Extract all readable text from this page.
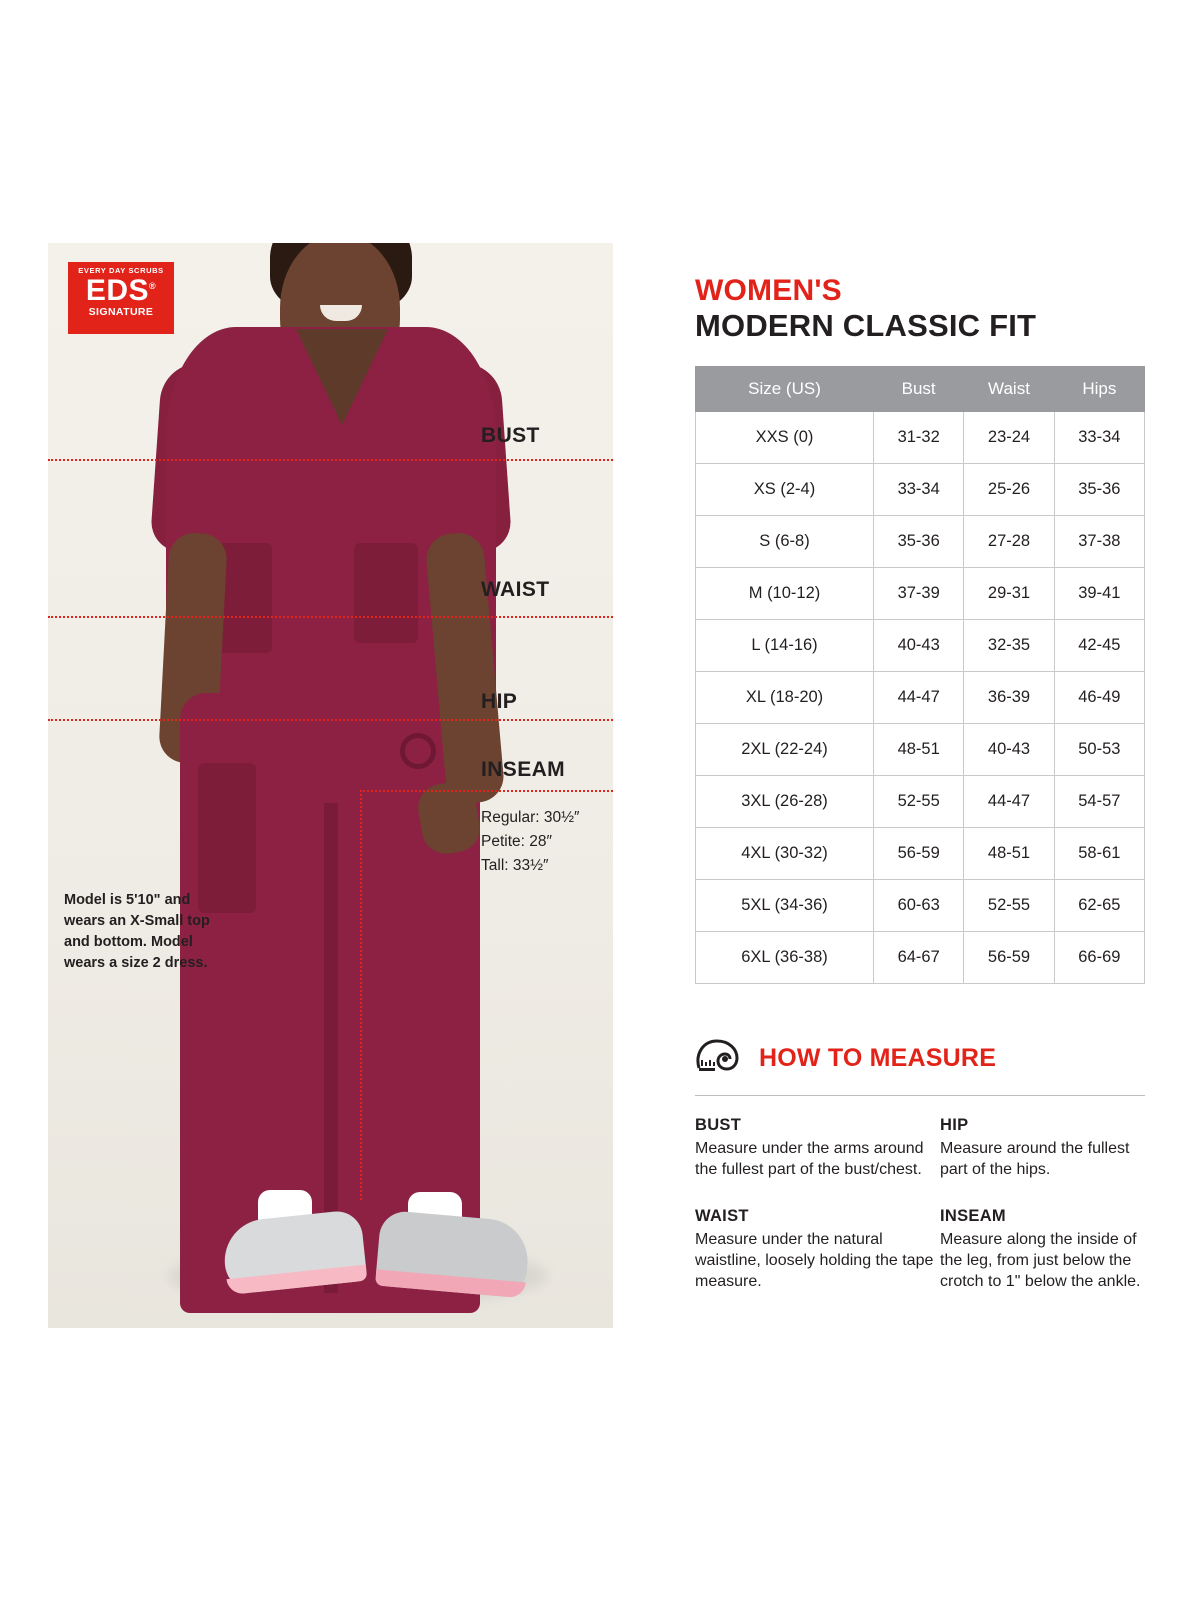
EVERY DAY SCRUBS
EDS®
SIGNATURE
BUST
WAIST
HIP
INSEAM
Regular: 30½″
Petite: 28″
Tall: 33½″
Model is 5'10" and wears an X-Small top and bottom. Model wears a size 2 dress.
WOMEN'S
MODERN CLASSIC FIT
Size (US)	Bust	Waist	Hips
XXS (0)	31-32	23-24	33-34
XS (2-4)	33-34	25-26	35-36
S (6-8)	35-36	27-28	37-38
M (10-12)	37-39	29-31	39-41
L (14-16)	40-43	32-35	42-45
XL (18-20)	44-47	36-39	46-49
2XL (22-24)	48-51	40-43	50-53
3XL (26-28)	52-55	44-47	54-57
4XL (30-32)	56-59	48-51	58-61
5XL (34-36)	60-63	52-55	62-65
6XL (36-38)	64-67	56-59	66-69
HOW TO MEASURE
BUST
Measure under the arms around the fullest part of the bust/chest.
HIP
Measure around the fullest part of the hips.
WAIST
Measure under the natural waistline, loosely holding the tape measure.
INSEAM
Measure along the inside of the leg, from just below the crotch to 1" below the ankle.
